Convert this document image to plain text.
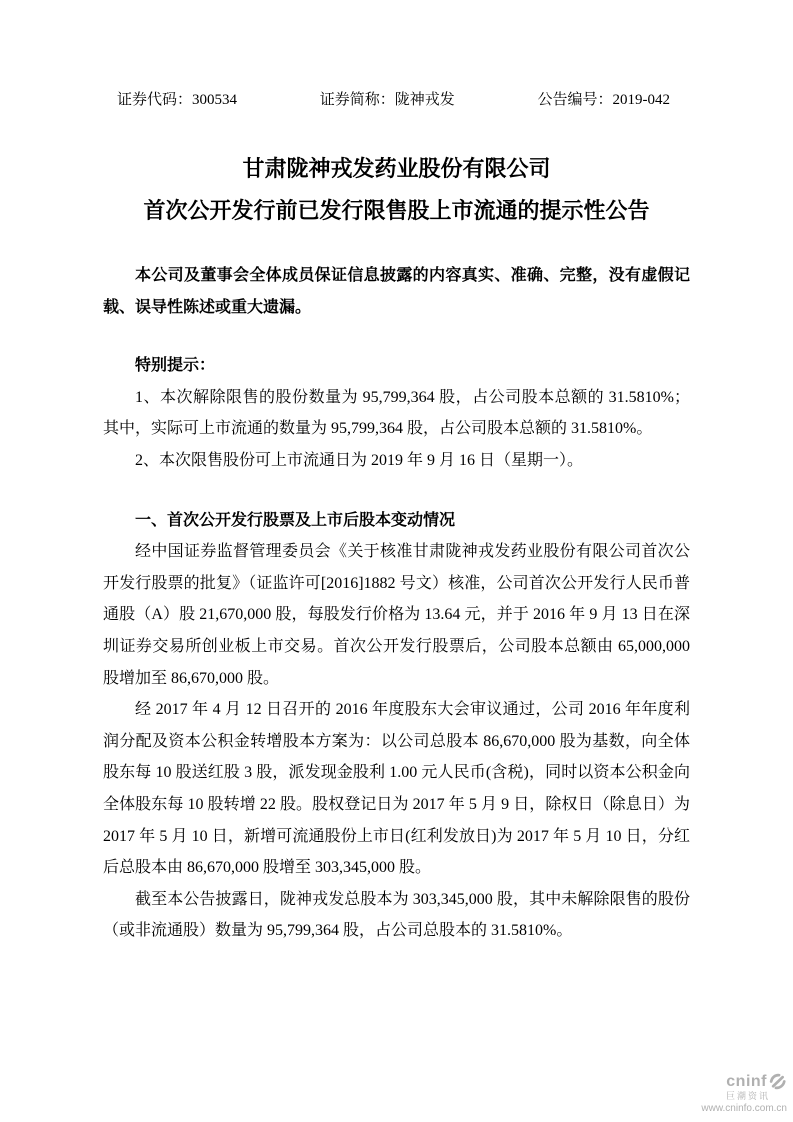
证券代码：300534	证券简称：陇神戎发	公告编号：2019-042
甘肃陇神戎发药业股份有限公司
首次公开发行前已发行限售股上市流通的提示性公告

本公司及董事会全体成员保证信息披露的内容真实、准确、完整，没有虚假记载、误导性陈述或重大遗漏。

特别提示：

1、本次解除限售的股份数量为 95,799,364 股，占公司股本总额的 31.5810%；其中，实际可上市流通的数量为 95,799,364 股，占公司股本总额的 31.5810%。

2、本次限售股份可上市流通日为 2019 年 9 月 16 日（星期一）。

一、首次公开发行股票及上市后股本变动情况

经中国证券监督管理委员会《关于核准甘肃陇神戎发药业股份有限公司首次公开发行股票的批复》（证监许可[2016]1882 号文）核准，公司首次公开发行人民币普通股（A）股 21,670,000 股，每股发行价格为 13.64 元，并于 2016 年 9 月 13 日在深圳证券交易所创业板上市交易。首次公开发行股票后，公司股本总额由 65,000,000 股增加至 86,670,000 股。

经 2017 年 4 月 12 日召开的 2016 年度股东大会审议通过，公司 2016 年年度利润分配及资本公积金转增股本方案为：以公司总股本 86,670,000 股为基数，向全体股东每 10 股送红股 3 股，派发现金股利 1.00 元人民币(含税)，同时以资本公积金向全体股东每 10 股转增 22 股。股权登记日为 2017 年 5 月 9 日，除权日（除息日）为 2017 年 5 月 10 日，新增可流通股份上市日(红利发放日)为 2017 年 5 月 10 日，分红后总股本由 86,670,000 股增至 303,345,000 股。

截至本公告披露日，陇神戎发总股本为 303,345,000 股，其中未解除限售的股份（或非流通股）数量为 95,799,364 股，占公司总股本的 31.5810%。

cninf
巨潮资讯
www.cninfo.com.cn
